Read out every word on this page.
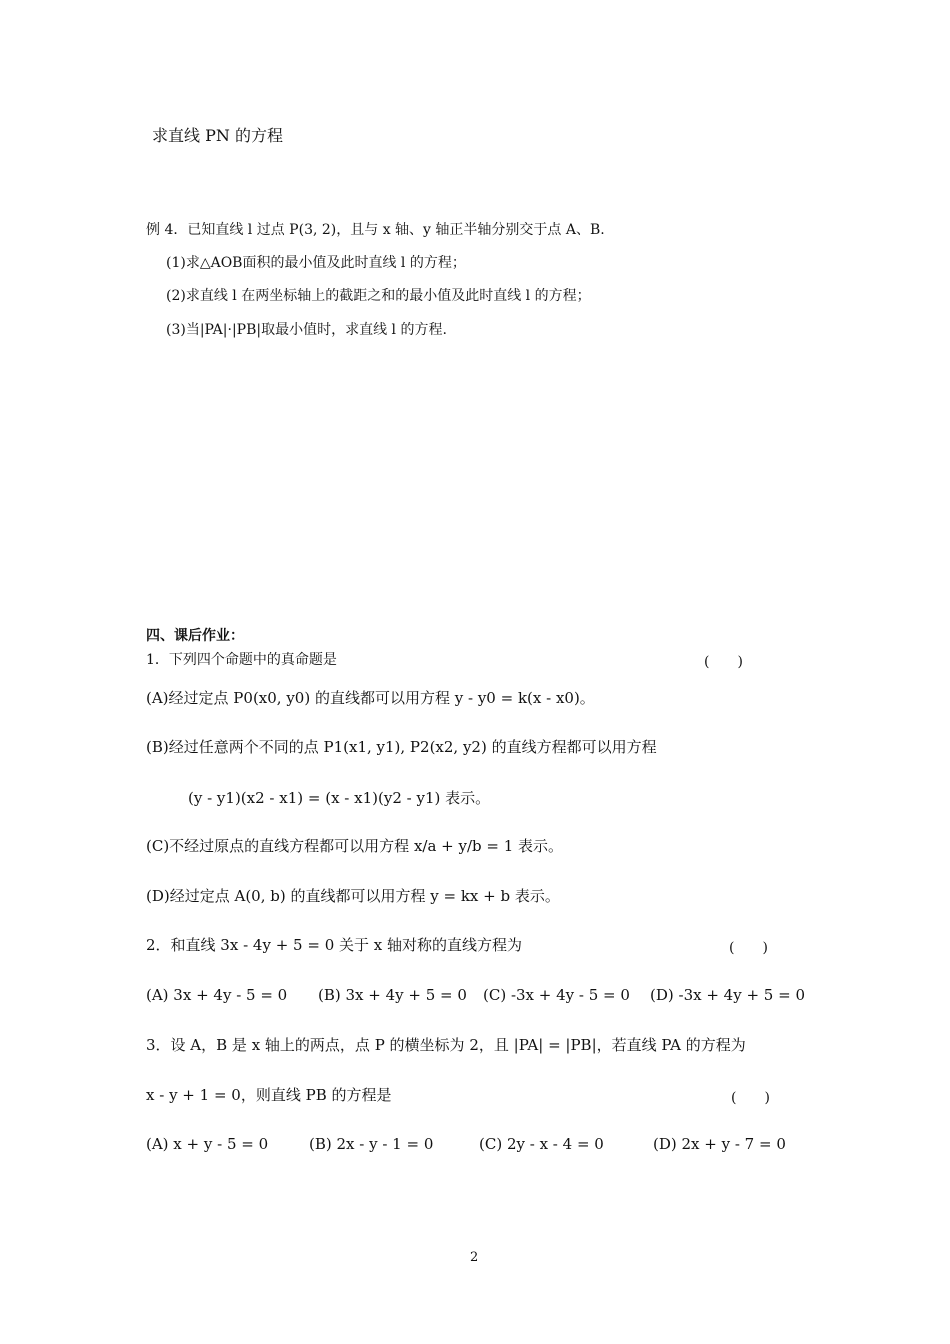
求直线 PN 的方程
例 4．已知直线 l 过点 P(3, 2)，且与 x 轴、y 轴正半轴分别交于点 A、B.
(1)求△AOB面积的最小值及此时直线 l 的方程；
(2)求直线 l 在两坐标轴上的截距之和的最小值及此时直线 l 的方程；
(3)当|PA|·|PB|取最小值时，求直线 l 的方程.
四、课后作业：
1．下列四个命题中的真命题是	(　　)
(A)经过定点 P0(x0, y0) 的直线都可以用方程 y - y0 = k(x - x0)。
(B)经过任意两个不同的点 P1(x1, y1), P2(x2, y2) 的直线方程都可以用方程
(y - y1)(x2 - x1) = (x - x1)(y2 - y1) 表示。
(C)不经过原点的直线方程都可以用方程 x/a + y/b = 1 表示。
(D)经过定点 A(0, b) 的直线都可以用方程 y = kx + b 表示。
2．和直线 3x - 4y + 5 = 0 关于 x 轴对称的直线方程为	(　　)
(A) 3x + 4y - 5 = 0 (B) 3x + 4y + 5 = 0 (C) -3x + 4y - 5 = 0 (D) -3x + 4y + 5 = 0
3．设 A，B 是 x 轴上的两点，点 P 的横坐标为 2，且 |PA| = |PB|，若直线 PA 的方程为
x - y + 1 = 0，则直线 PB 的方程是	(　　)
(A) x + y - 5 = 0	(B) 2x - y - 1 = 0	(C) 2y - x - 4 = 0	(D) 2x + y - 7 = 0
2
